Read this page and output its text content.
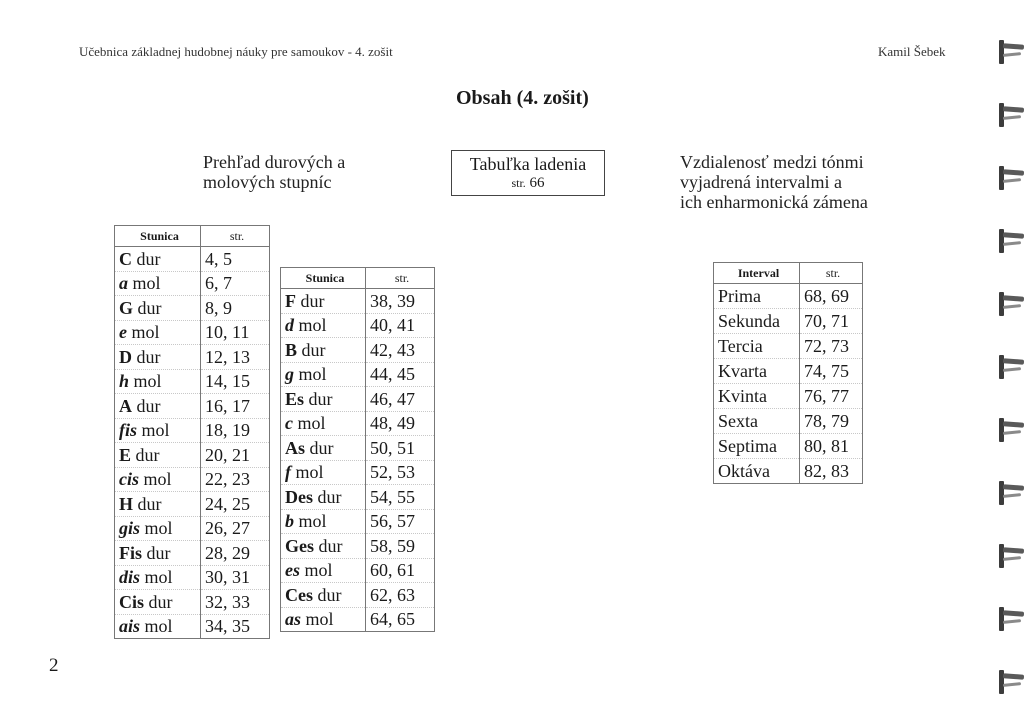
Učebnica základnej hudobnej náuky pre samoukov - 4. zošit	Kamil Šebek
Obsah (4. zošit)
Prehľad durových a
molových stupníc
Tabuľka ladenia
str. 66
Vzdialenosť medzi tónmi
vyjadrená intervalmi a
ich enharmonická zámena
Stunica	str.
C dur	4, 5
a mol	6, 7
G dur	8, 9
e mol	10, 11
D dur	12, 13
h mol	14, 15
A dur	16, 17
fis mol	18, 19
E dur	20, 21
cis mol	22, 23
H dur	24, 25
gis mol	26, 27
Fis dur	28, 29
dis mol	30, 31
Cis dur	32, 33
ais mol	34, 35
Stunica	str.
F dur	38, 39
d mol	40, 41
B dur	42, 43
g mol	44, 45
Es dur	46, 47
c mol	48, 49
As dur	50, 51
f mol	52, 53
Des dur	54, 55
b mol	56, 57
Ges dur	58, 59
es mol	60, 61
Ces dur	62, 63
as mol	64, 65
Interval	str.
Prima	68, 69
Sekunda	70, 71
Tercia	72, 73
Kvarta	74, 75
Kvinta	76, 77
Sexta	78, 79
Septima	80, 81
Oktáva	82, 83
2
